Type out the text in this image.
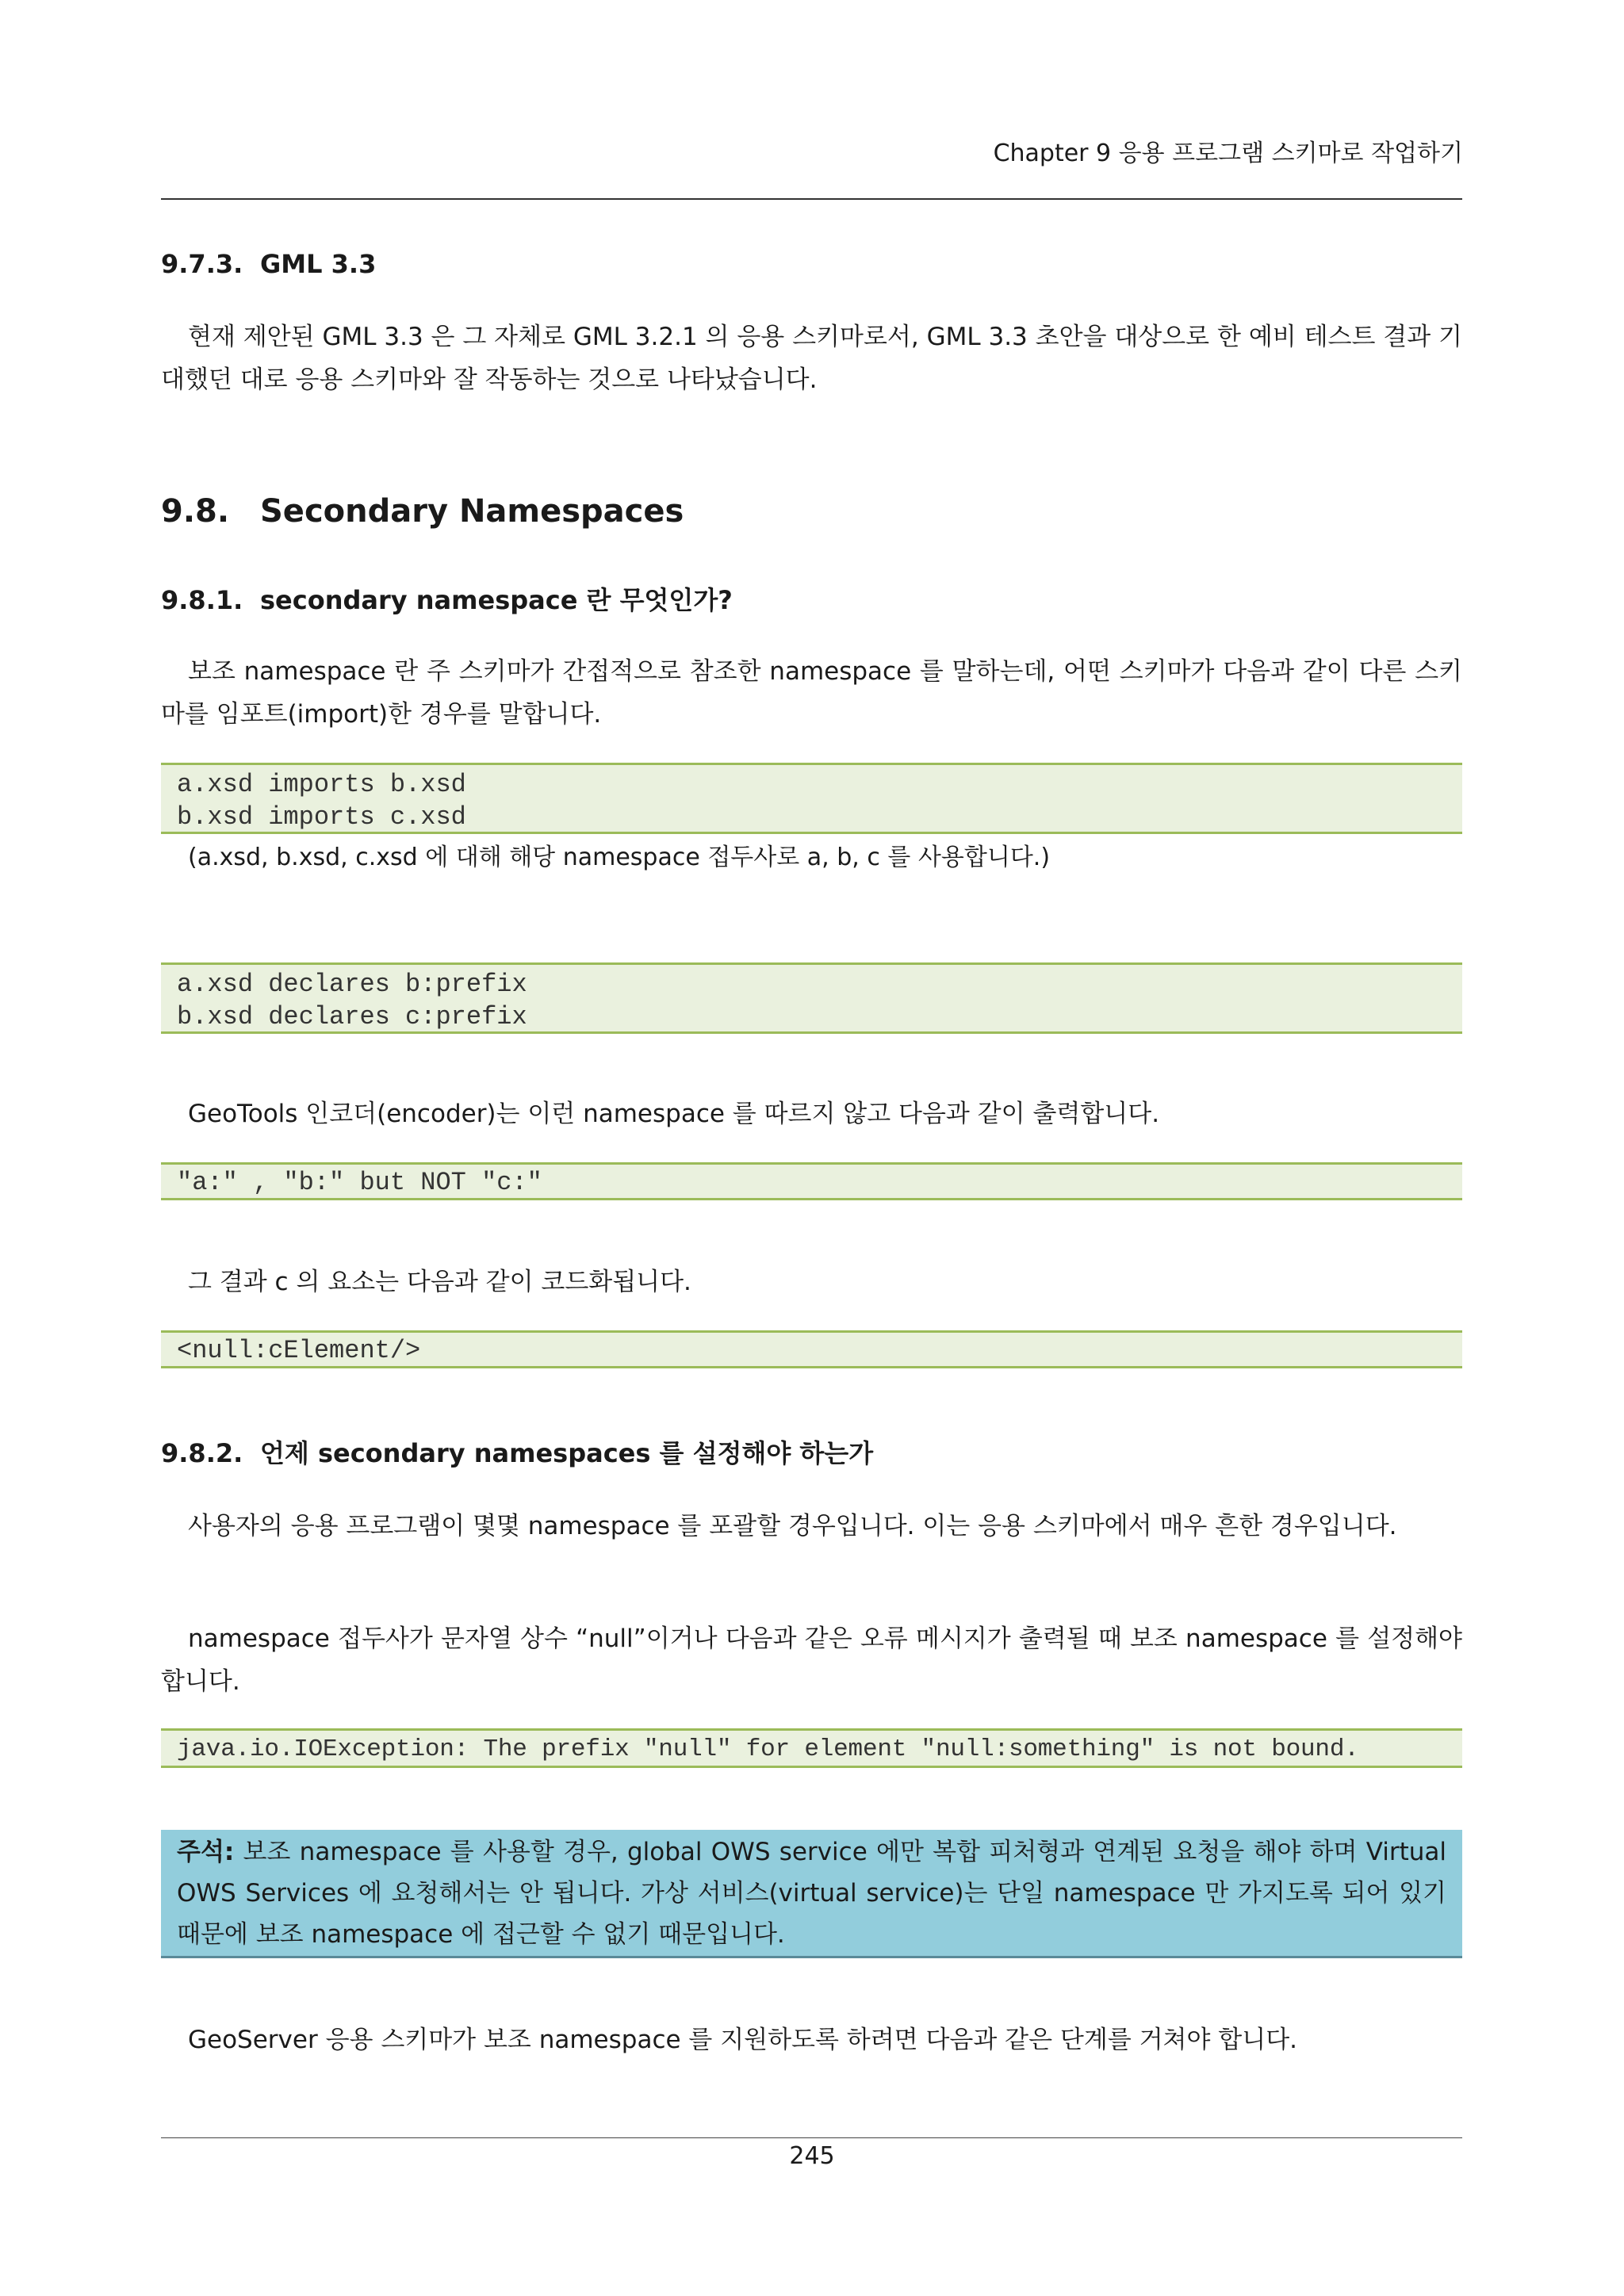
Chapter 9 응용 프로그램 스키마로 작업하기
9.7.3. GML 3.3

현재 제안된 GML 3.3 은 그 자체로 GML 3.2.1 의 응용 스키마로서, GML 3.3 초안을 대상으로 한 예비 테스트 결과 기대했던 대로 응용 스키마와 잘 작동하는 것으로 나타났습니다.

9.8. Secondary Namespaces
9.8.1. secondary namespace 란 무엇인가?

보조 namespace 란 주 스키마가 간접적으로 참조한 namespace 를 말하는데, 어떤 스키마가 다음과 같이 다른 스키마를 임포트(import)한 경우를 말합니다.

a.xsd imports b.xsd
b.xsd imports c.xsd
(a.xsd, b.xsd, c.xsd 에 대해 해당 namespace 접두사로 a, b, c 를 사용합니다.)
a.xsd declares b:prefix
b.xsd declares c:prefix

GeoTools 인코더(encoder)는 이런 namespace 를 따르지 않고 다음과 같이 출력합니다.

"a:" , "b:" but NOT "c:"

그 결과 c 의 요소는 다음과 같이 코드화됩니다.

<null:cElement/>
9.8.2. 언제 secondary namespaces 를 설정해야 하는가

사용자의 응용 프로그램이 몇몇 namespace 를 포괄할 경우입니다. 이는 응용 스키마에서 매우 흔한 경우입니다.

namespace 접두사가 문자열 상수 “null”이거나 다음과 같은 오류 메시지가 출력될 때 보조 namespace 를 설정해야 합니다.

java.io.IOException: The prefix "null" for element "null:something" is not bound.
주석: 보조 namespace 를 사용할 경우, global OWS service 에만 복합 피처형과 연계된 요청을 해야 하며 Virtual OWS Services 에 요청해서는 안 됩니다. 가상 서비스(virtual service)는 단일 namespace 만 가지도록 되어 있기 때문에 보조 namespace 에 접근할 수 없기 때문입니다.

GeoServer 응용 스키마가 보조 namespace 를 지원하도록 하려면 다음과 같은 단계를 거쳐야 합니다.

245
